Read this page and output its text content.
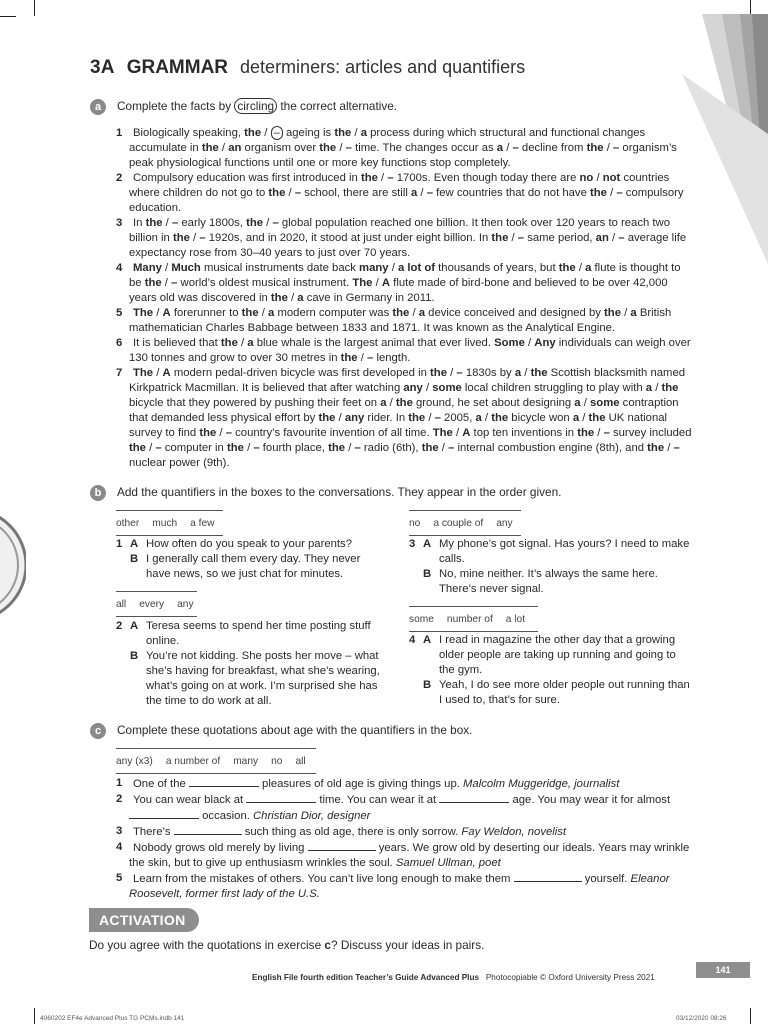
3A GRAMMAR determiners: articles and quantifiers
a	Complete the facts by circling the correct alternative.
1 Biologically speaking, the / – ageing is the / a process during which structural and functional changes accumulate in the / an organism over the / – time. The changes occur as a / – decline from the / – organism’s peak physiological functions until one or more key functions stop completely.
2 Compulsory education was first introduced in the / – 1700s. Even though today there are no / not countries where children do not go to the / – school, there are still a / – few countries that do not have the / – compulsory education.
3 In the / – early 1800s, the / – global population reached one billion. It then took over 120 years to reach two billion in the / – 1920s, and in 2020, it stood at just under eight billion. In the / – same period, an / – average life expectancy rose from 30–40 years to just over 70 years.
4 Many / Much musical instruments date back many / a lot of thousands of years, but the / a flute is thought to be the / – world’s oldest musical instrument. The / A flute made of bird-bone and believed to be over 42,000 years old was discovered in the / a cave in Germany in 2011.
5 The / A forerunner to the / a modern computer was the / a device conceived and designed by the / a British mathematician Charles Babbage between 1833 and 1871. It was known as the Analytical Engine.
6 It is believed that the / a blue whale is the largest animal that ever lived. Some / Any individuals can weigh over 130 tonnes and grow to over 30 metres in the / – length.
7 The / A modern pedal-driven bicycle was first developed in the / – 1830s by a / the Scottish blacksmith named Kirkpatrick Macmillan. It is believed that after watching any / some local children struggling to play with a / the bicycle that they powered by pushing their feet on a / the ground, he set about designing a / some contraption that demanded less physical effort by the / any rider. In the / – 2005, a / the bicycle won a / the UK national survey to find the / – country’s favourite invention of all time. The / A top ten inventions in the / – survey included the / – computer in the / – fourth place, the / – radio (6th), the / – internal combustion engine (8th), and the / – nuclear power (9th).
b	Add the quantifiers in the boxes to the conversations. They appear in the order given.
other much a few
all every any
no a couple of any
some number of a lot
1 A How often do you speak to your parents?
B I generally call them every day. They never have news, so we just chat for minutes.
2 A Teresa seems to spend her time posting stuff online.
B You’re not kidding. She posts her move – what she’s having for breakfast, what she’s wearing, what’s going on at work. I’m surprised she has the time to do work at all.
3 A My phone’s got signal. Has yours? I need to make calls.
B No, mine neither. It’s always the same here. There’s never signal.
4 A I read in magazine the other day that a growing older people are taking up running and going to the gym.
B Yeah, I do see more older people out running than I used to, that’s for sure.
c	Complete these quotations about age with the quantifiers in the box.
any (x3) a number of many no all
1 One of the	pleasures of old age is giving things up. Malcolm Muggeridge, journalist
2 You can wear black at	time. You can wear it at	age. You may wear it for almost  occasion. Christian Dior, designer
3 There’s	such thing as old age, there is only sorrow. Fay Weldon, novelist
4 Nobody grows old merely by living	years. We grow old by deserting our ideals. Years may wrinkle the skin, but to give up enthusiasm wrinkles the soul. Samuel Ullman, poet
5 Learn from the mistakes of others. You can’t live long enough to make them	yourself. Eleanor Roosevelt, former first lady of the U.S.
ACTIVATION
Do you agree with the quotations in exercise c? Discuss your ideas in pairs.
English File fourth edition Teacher’s Guide Advanced Plus Photocopiable © Oxford University Press 2021
141
4060202 EF4e Advanced Plus TG PCMs.indb 141	03/12/2020 08:26
